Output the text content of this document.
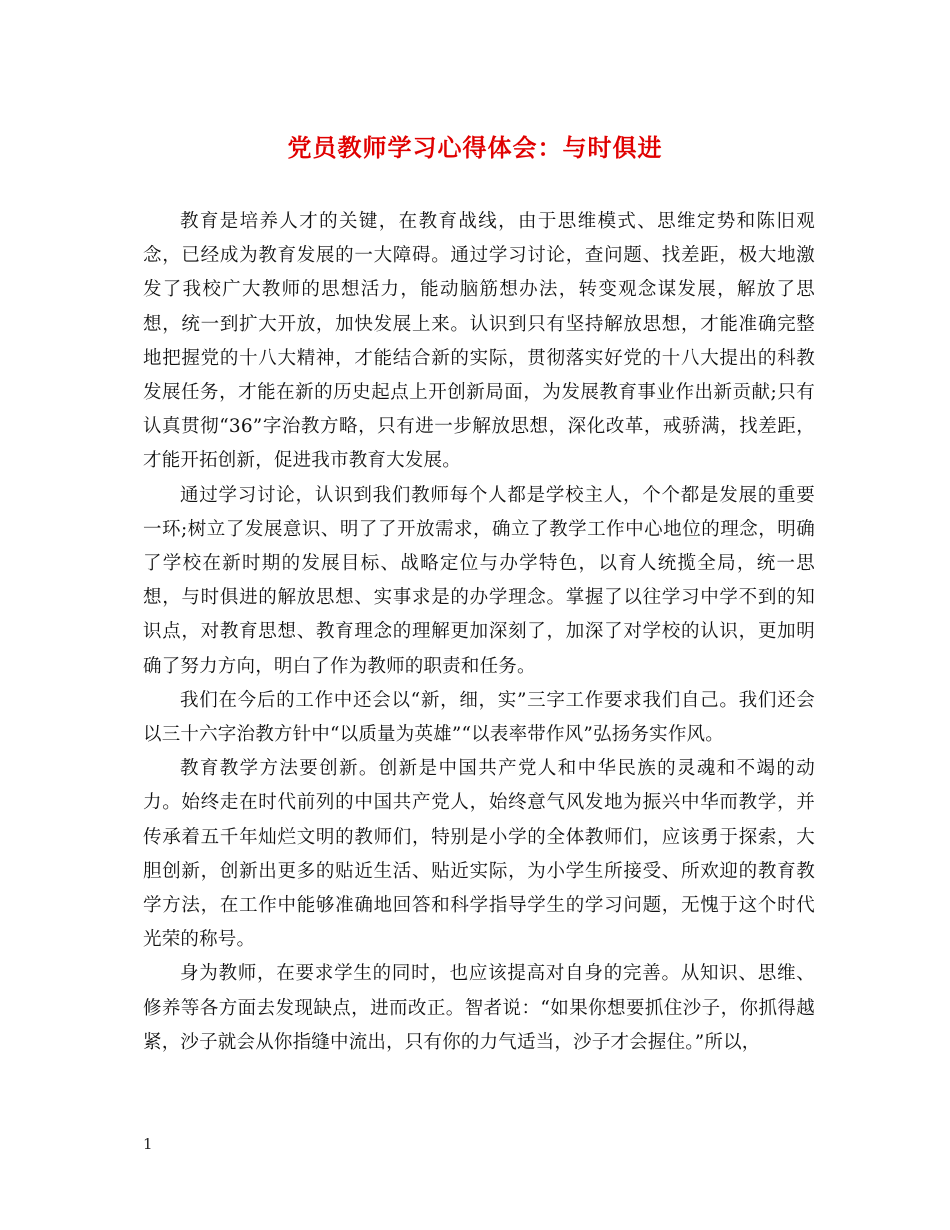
党员教师学习心得体会：与时俱进

教育是培养人才的关键，在教育战线，由于思维模式、思维定势和陈旧观念，已经成为教育发展的一大障碍。通过学习讨论，查问题、找差距，极大地激发了我校广大教师的思想活力，能动脑筋想办法，转变观念谋发展，解放了思想，统一到扩大开放，加快发展上来。认识到只有坚持解放思想，才能准确完整地把握党的十八大精神，才能结合新的实际，贯彻落实好党的十八大提出的科教发展任务，才能在新的历史起点上开创新局面，为发展教育事业作出新贡献;只有认真贯彻“36”字治教方略，只有进一步解放思想，深化改革，戒骄满，找差距，才能开拓创新，促进我市教育大发展。

通过学习讨论，认识到我们教师每个人都是学校主人，个个都是发展的重要一环;树立了发展意识、明了了开放需求，确立了教学工作中心地位的理念，明确了学校在新时期的发展目标、战略定位与办学特色，以育人统揽全局，统一思想，与时俱进的解放思想、实事求是的办学理念。掌握了以往学习中学不到的知识点，对教育思想、教育理念的理解更加深刻了，加深了对学校的认识，更加明确了努力方向，明白了作为教师的职责和任务。

我们在今后的工作中还会以“新，细，实”三字工作要求我们自己。我们还会以三十六字治教方针中“以质量为英雄”“以表率带作风”弘扬务实作风。

教育教学方法要创新。创新是中国共产党人和中华民族的灵魂和不竭的动力。始终走在时代前列的中国共产党人，始终意气风发地为振兴中华而教学，并传承着五千年灿烂文明的教师们，特别是小学的全体教师们，应该勇于探索，大胆创新，创新出更多的贴近生活、贴近实际，为小学生所接受、所欢迎的教育教学方法，在工作中能够准确地回答和科学指导学生的学习问题，无愧于这个时代光荣的称号。

身为教师，在要求学生的同时，也应该提高对自身的完善。从知识、思维、修养等各方面去发现缺点，进而改正。智者说：“如果你想要抓住沙子，你抓得越紧，沙子就会从你指缝中流出，只有你的力气适当，沙子才会握住。”所以，

1
